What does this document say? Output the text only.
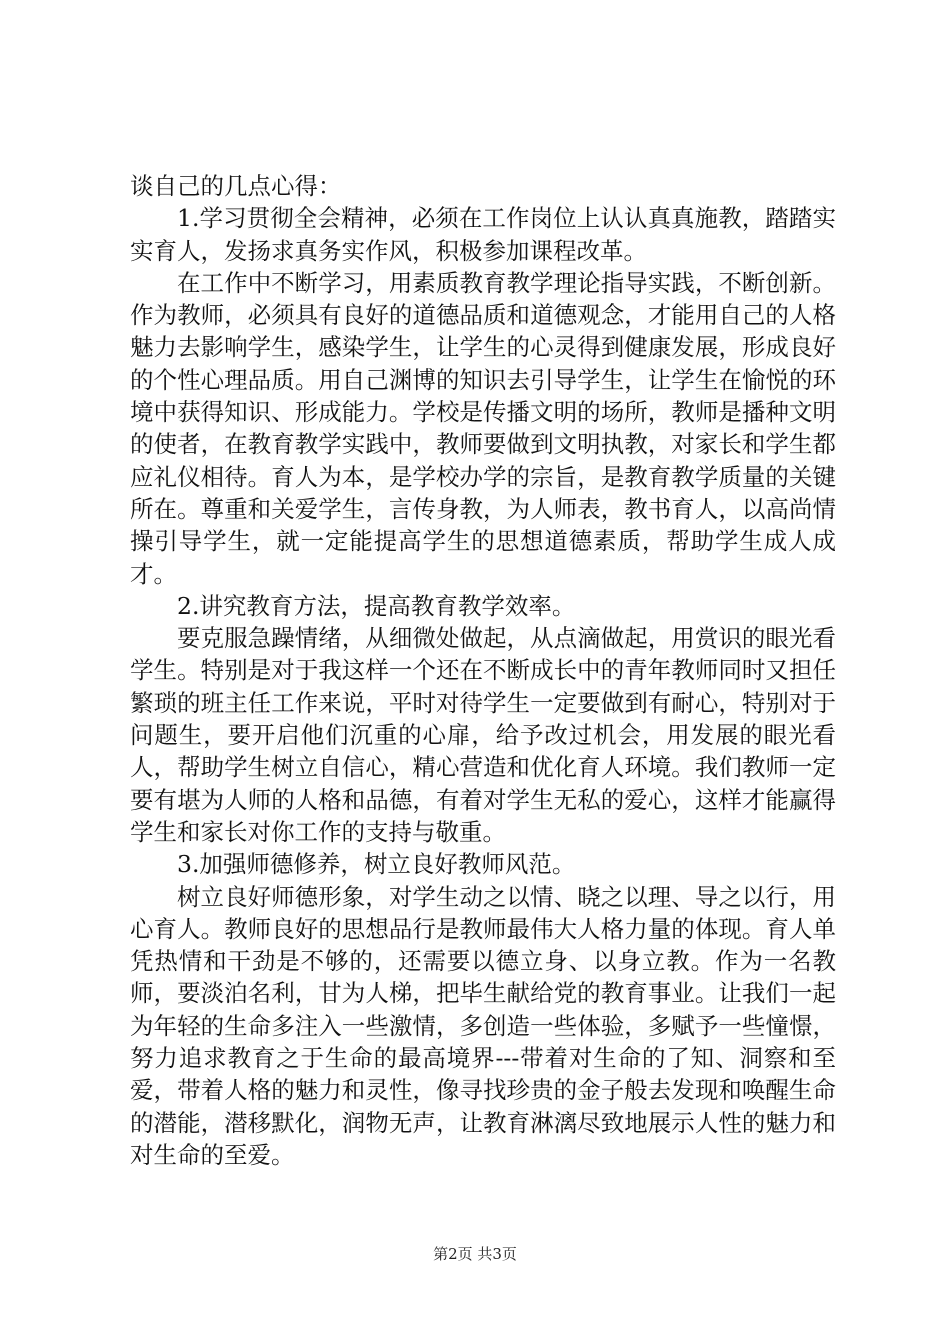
谈自己的几点心得：

1.学习贯彻全会精神，必须在工作岗位上认认真真施教，踏踏实实育人，发扬求真务实作风，积极参加课程改革。

在工作中不断学习，用素质教育教学理论指导实践，不断创新。作为教师，必须具有良好的道德品质和道德观念，才能用自己的人格魅力去影响学生，感染学生，让学生的心灵得到健康发展，形成良好的个性心理品质。用自己渊博的知识去引导学生，让学生在愉悦的环境中获得知识、形成能力。学校是传播文明的场所，教师是播种文明的使者，在教育教学实践中，教师要做到文明执教，对家长和学生都应礼仪相待。育人为本，是学校办学的宗旨，是教育教学质量的关键所在。尊重和关爱学生，言传身教，为人师表，教书育人，以高尚情操引导学生，就一定能提高学生的思想道德素质，帮助学生成人成才。

2.讲究教育方法，提高教育教学效率。

要克服急躁情绪，从细微处做起，从点滴做起，用赏识的眼光看学生。特别是对于我这样一个还在不断成长中的青年教师同时又担任繁琐的班主任工作来说，平时对待学生一定要做到有耐心，特别对于问题生，要开启他们沉重的心扉，给予改过机会，用发展的眼光看人，帮助学生树立自信心，精心营造和优化育人环境。我们教师一定要有堪为人师的人格和品德，有着对学生无私的爱心，这样才能赢得学生和家长对你工作的支持与敬重。

3.加强师德修养，树立良好教师风范。

树立良好师德形象，对学生动之以情、晓之以理、导之以行，用心育人。教师良好的思想品行是教师最伟大人格力量的体现。育人单凭热情和干劲是不够的，还需要以德立身、以身立教。作为一名教师，要淡泊名利，甘为人梯，把毕生献给党的教育事业。让我们一起为年轻的生命多注入一些激情，多创造一些体验，多赋予一些憧憬，努力追求教育之于生命的最高境界---带着对生命的了知、洞察和至爱，带着人格的魅力和灵性，像寻找珍贵的金子般去发现和唤醒生命的潜能，潜移默化，润物无声，让教育淋漓尽致地展示人性的魅力和对生命的至爱。

第2页 共3页
